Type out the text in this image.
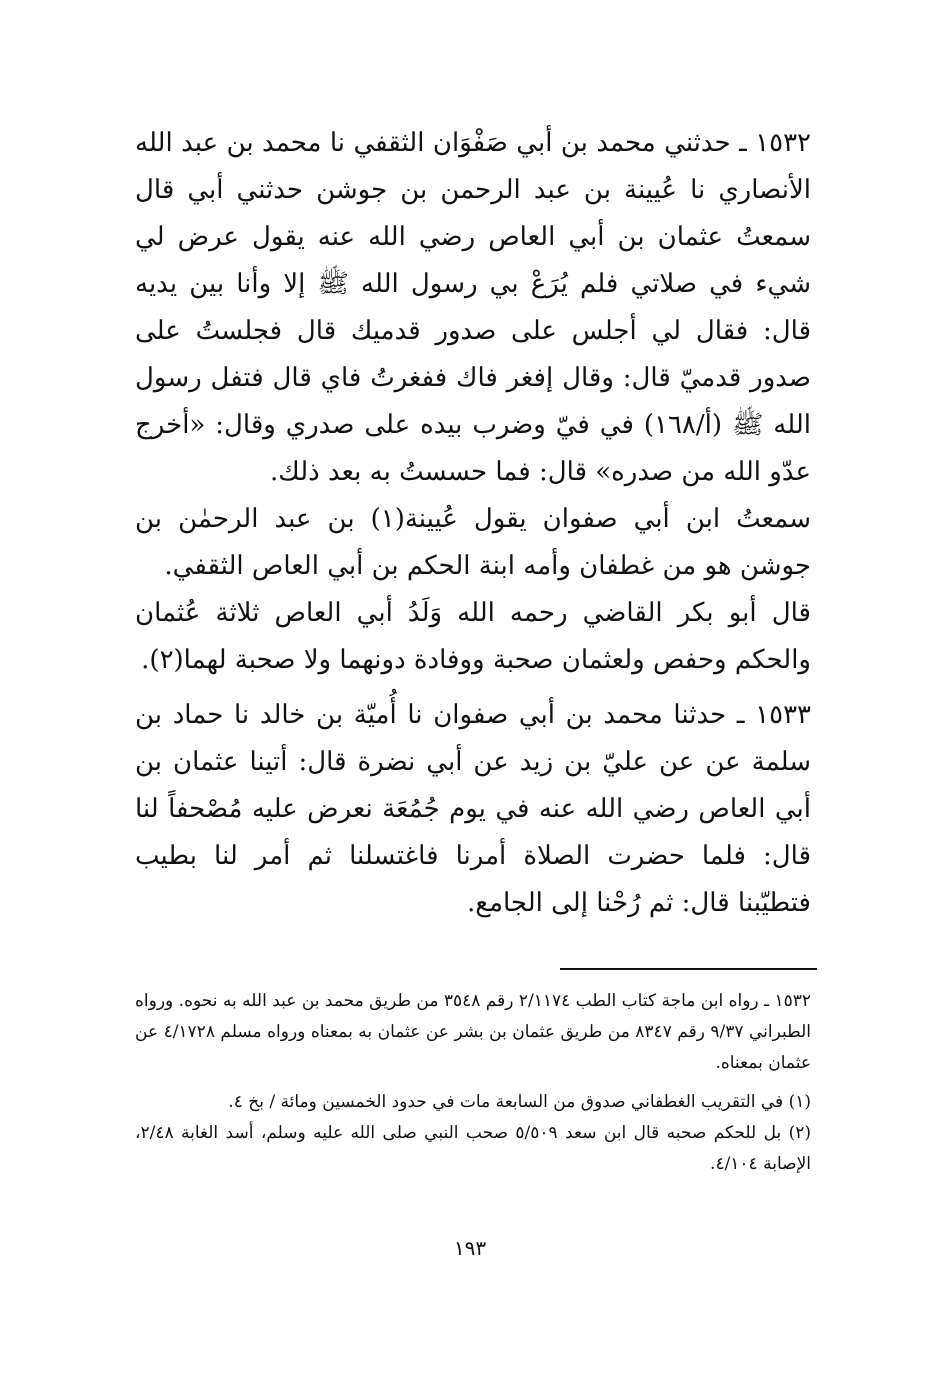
١٥٣٢ ـ حدثني محمد بن أبي صَفْوَان الثقفي نا محمد بن عبد الله الأنصاري نا عُيينة بن عبد الرحمن بن جوشن حدثني أبي قال سمعتُ عثمان بن أبي العاص رضي الله عنه يقول عرض لي شيء في صلاتي فلم يُرَعْ بي رسول الله ﷺ إلا وأنا بين يديه قال: فقال لي أجلس على صدور قدميك قال فجلستُ على صدور قدميّ قال: وقال إفغر فاك ففغرتُ فاي قال فتفل رسول الله ﷺ (أ/١٦٨) في فيّ وضرب بيده على صدري وقال: «أخرج عدّو الله من صدره» قال: فما حسستُ به بعد ذلك.

سمعتُ ابن أبي صفوان يقول عُيينة(١) بن عبد الرحمٰن بن جوشن هو من غطفان وأمه ابنة الحكم بن أبي العاص الثقفي.

قال أبو بكر القاضي رحمه الله وَلَدُ أبي العاص ثلاثة عُثمان والحكم وحفص ولعثمان صحبة ووفادة دونهما ولا صحبة لهما(٢).

١٥٣٣ ـ حدثنا محمد بن أبي صفوان نا أُميّة بن خالد نا حماد بن سلمة عن عن عليّ بن زيد عن أبي نضرة قال: أتينا عثمان بن أبي العاص رضي الله عنه في يوم جُمُعَة نعرض عليه مُصْحفاً لنا قال: فلما حضرت الصلاة أمرنا فاغتسلنا ثم أمر لنا بطيب فتطيّبنا قال: ثم رُحْنا إلى الجامع.

١٥٣٢ ـ رواه ابن ماجة كتاب الطب ٢/١١٧٤ رقم ٣٥٤٨ من طريق محمد بن عبد الله به نحوه. ورواه الطبراني ٩/٣٧ رقم ٨٣٤٧ من طريق عثمان بن بشر عن عثمان به بمعناه ورواه مسلم ٤/١٧٢٨ عن عثمان بمعناه.

(١) في التقريب الغطفاني صدوق من السابعة مات في حدود الخمسين ومائة / بخ ٤.

(٢) بل للحكم صحبه قال ابن سعد ٥/٥٠٩ صحب النبي صلى الله عليه وسلم، أسد الغابة ٢/٤٨، الإصابة ٤/١٠٤.

١٩٣
